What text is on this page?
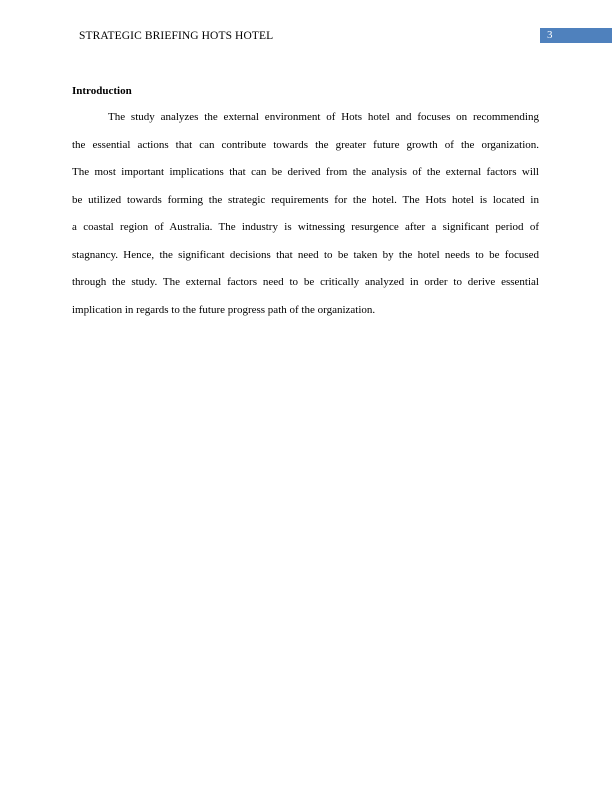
STRATEGIC BRIEFING HOTS HOTEL	3
Introduction

The study analyzes the external environment of Hots hotel and focuses on recommending
the essential actions that can contribute towards the greater future growth of the organization.
The most important implications that can be derived from the analysis of the external factors will
be utilized towards forming the strategic requirements for the hotel. The Hots hotel is located in
a coastal region of Australia. The industry is witnessing resurgence after a significant period of
stagnancy. Hence, the significant decisions that need to be taken by the hotel needs to be focused
through the study. The external factors need to be critically analyzed in order to derive essential
implication in regards to the future progress path of the organization.
